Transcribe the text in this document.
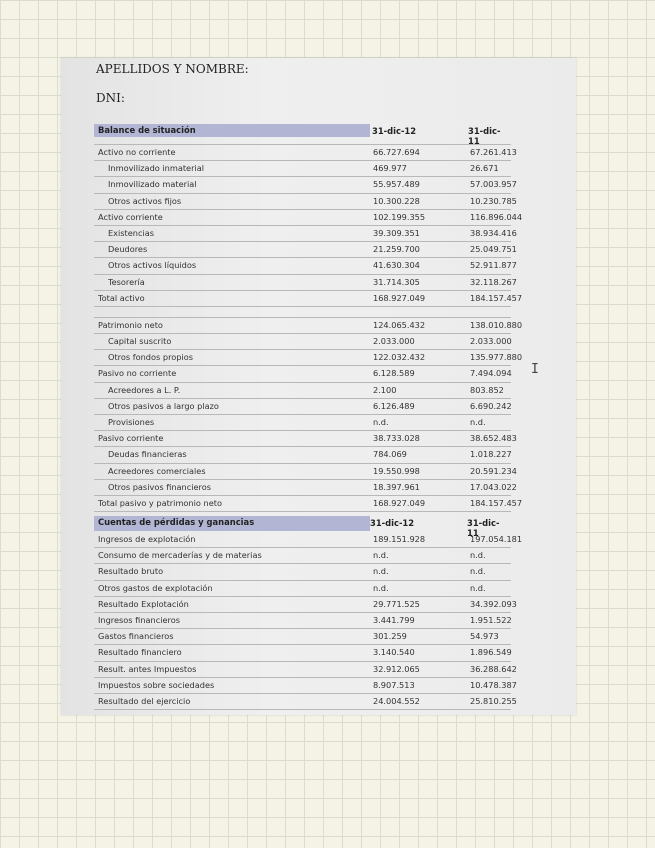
APELLIDOS Y NOMBRE:
DNI:
Balance de situación	31-dic-12	31-dic-11
Activo no corriente	66.727.694	67.261.413
Inmovilizado inmaterial	469.977	26.671
Inmovilizado material	55.957.489	57.003.957
Otros activos fijos	10.300.228	10.230.785
Activo corriente	102.199.355	116.896.044
Existencias	39.309.351	38.934.416
Deudores	21.259.700	25.049.751
Otros activos líquidos	41.630.304	52.911.877
Tesorería	31.714.305	32.118.267
Total activo	168.927.049	184.157.457
Patrimonio neto	124.065.432	138.010.880
Capital suscrito	2.033.000	2.033.000
Otros fondos propios	122.032.432	135.977.880
Pasivo no corriente	6.128.589	7.494.094
Acreedores a L. P.	2.100	803.852
Otros pasivos a largo plazo	6.126.489	6.690.242
Provisiones	n.d.	n.d.
Pasivo corriente	38.733.028	38.652.483
Deudas financieras	784.069	1.018.227
Acreedores comerciales	19.550.998	20.591.234
Otros pasivos financieros	18.397.961	17.043.022
Total pasivo y patrimonio neto	168.927.049	184.157.457
Cuentas de pérdidas y ganancias	31-dic-12	31-dic-11
Ingresos de explotación	189.151.928	197.054.181
Consumo de mercaderías y de materias	n.d.	n.d.
Resultado bruto	n.d.	n.d.
Otros gastos de explotación	n.d.	n.d.
Resultado Explotación	29.771.525	34.392.093
Ingresos financieros	3.441.799	1.951.522
Gastos financieros	301.259	54.973
Resultado financiero	3.140.540	1.896.549
Result. antes Impuestos	32.912.065	36.288.642
Impuestos sobre sociedades	8.907.513	10.478.387
Resultado del ejercicio	24.004.552	25.810.255
I
